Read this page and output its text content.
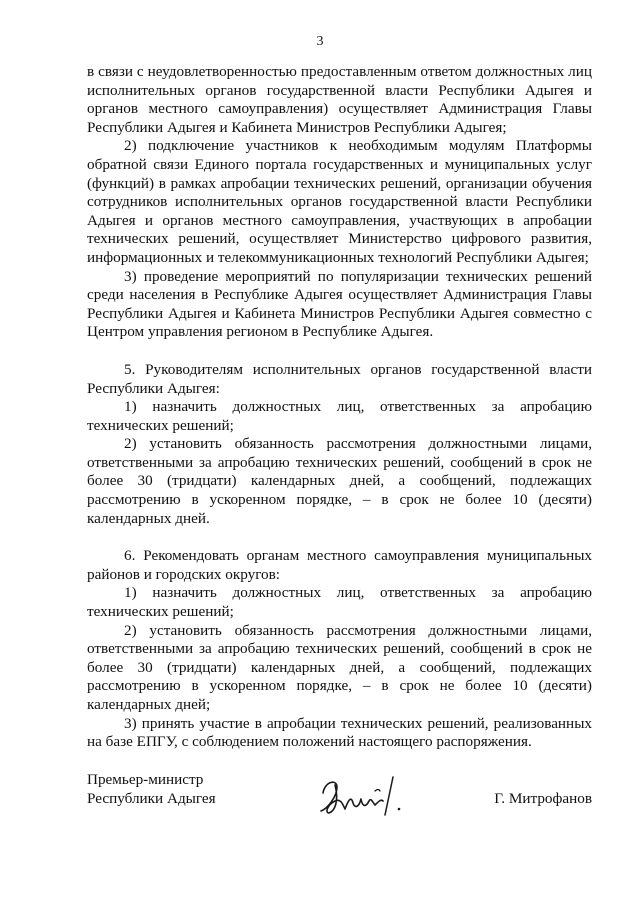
3

в связи с неудовлетворенностью предоставленным ответом должностных лиц исполнительных органов государственной власти Республики Адыгея и органов местного самоуправления) осуществляет Администрация Главы Республики Адыгея и Кабинета Министров Республики Адыгея;

2) подключение участников к необходимым модулям Платформы обратной связи Единого портала государственных и муниципальных услуг (функций) в рамках апробации технических решений, организации обучения сотрудников исполнительных органов государственной власти Республики Адыгея и органов местного самоуправления, участвующих в апробации технических решений, осуществляет Министерство цифрового развития, информационных и телекоммуникационных технологий Республики Адыгея;

3) проведение мероприятий по популяризации технических решений среди населения в Республике Адыгея осуществляет Администрация Главы Республики Адыгея и Кабинета Министров Республики Адыгея совместно с Центром управления регионом в Республике Адыгея.

5. Руководителям исполнительных органов государственной власти Республики Адыгея:

1) назначить должностных лиц, ответственных за апробацию технических решений;

2) установить обязанность рассмотрения должностными лицами, ответственными за апробацию технических решений, сообщений в срок не более 30 (тридцати) календарных дней, а сообщений, подлежащих рассмотрению в ускоренном порядке, – в срок не более 10 (десяти) календарных дней.

6. Рекомендовать органам местного самоуправления муниципальных районов и городских округов:

1) назначить должностных лиц, ответственных за апробацию технических решений;

2) установить обязанность рассмотрения должностными лицами, ответственными за апробацию технических решений, сообщений в срок не более 30 (тридцати) календарных дней, а сообщений, подлежащих рассмотрению в ускоренном порядке, – в срок не более 10 (десяти) календарных дней;

3) принять участие в апробации технических решений, реализованных на базе ЕПГУ, с соблюдением положений настоящего распоряжения.

Премьер-министр
Республики Адыгея	Г. Митрофанов
